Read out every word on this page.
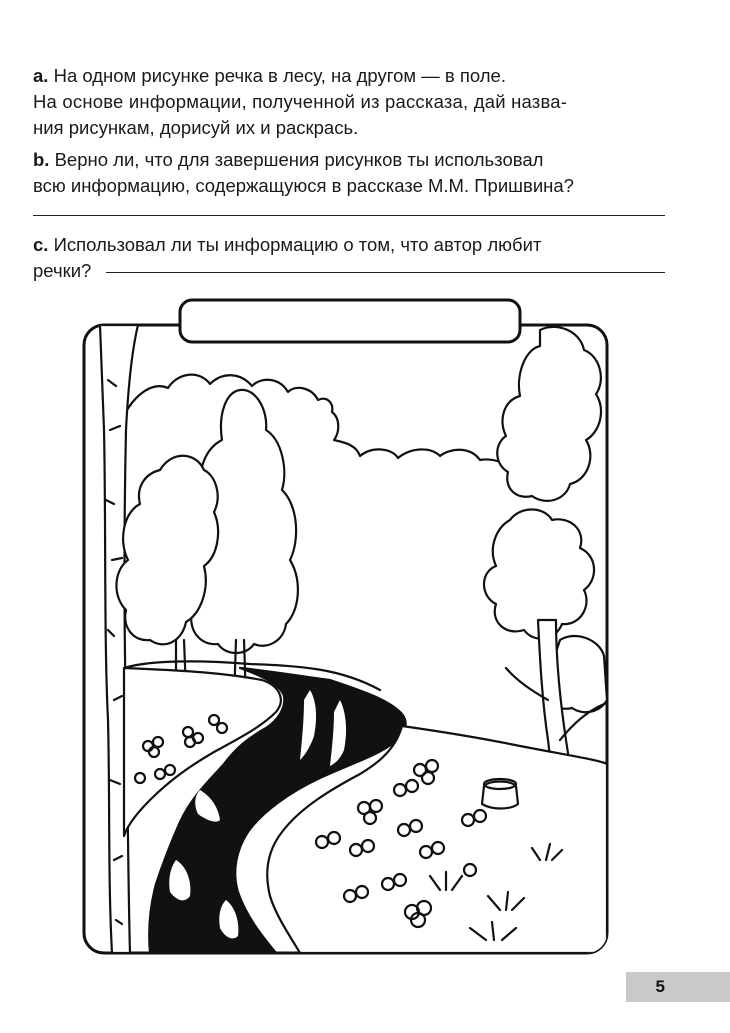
a. На одном рисунке речка в лесу, на другом — в поле.
На основе информации, полученной из рассказа, дай назва-
ния рисункам, дорисуй их и раскрась.
b. Верно ли, что для завершения рисунков ты использовал
всю информацию, содержащуюся в рассказе М.М. Пришвина?
c. Использовал ли ты информацию о том, что автор любит
речки?
5
